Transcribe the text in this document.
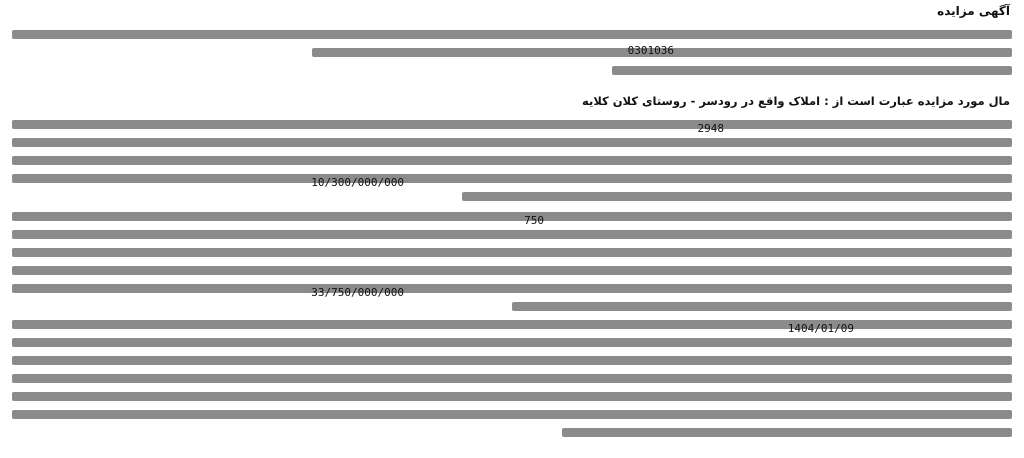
آگهی مزایده
مال مورد مزایده عبارت است از : املاک واقع در رودسر - روستای کلان کلایه
0301036
2948
10/300/000/000
750
33/750/000/000
1404/01/09
